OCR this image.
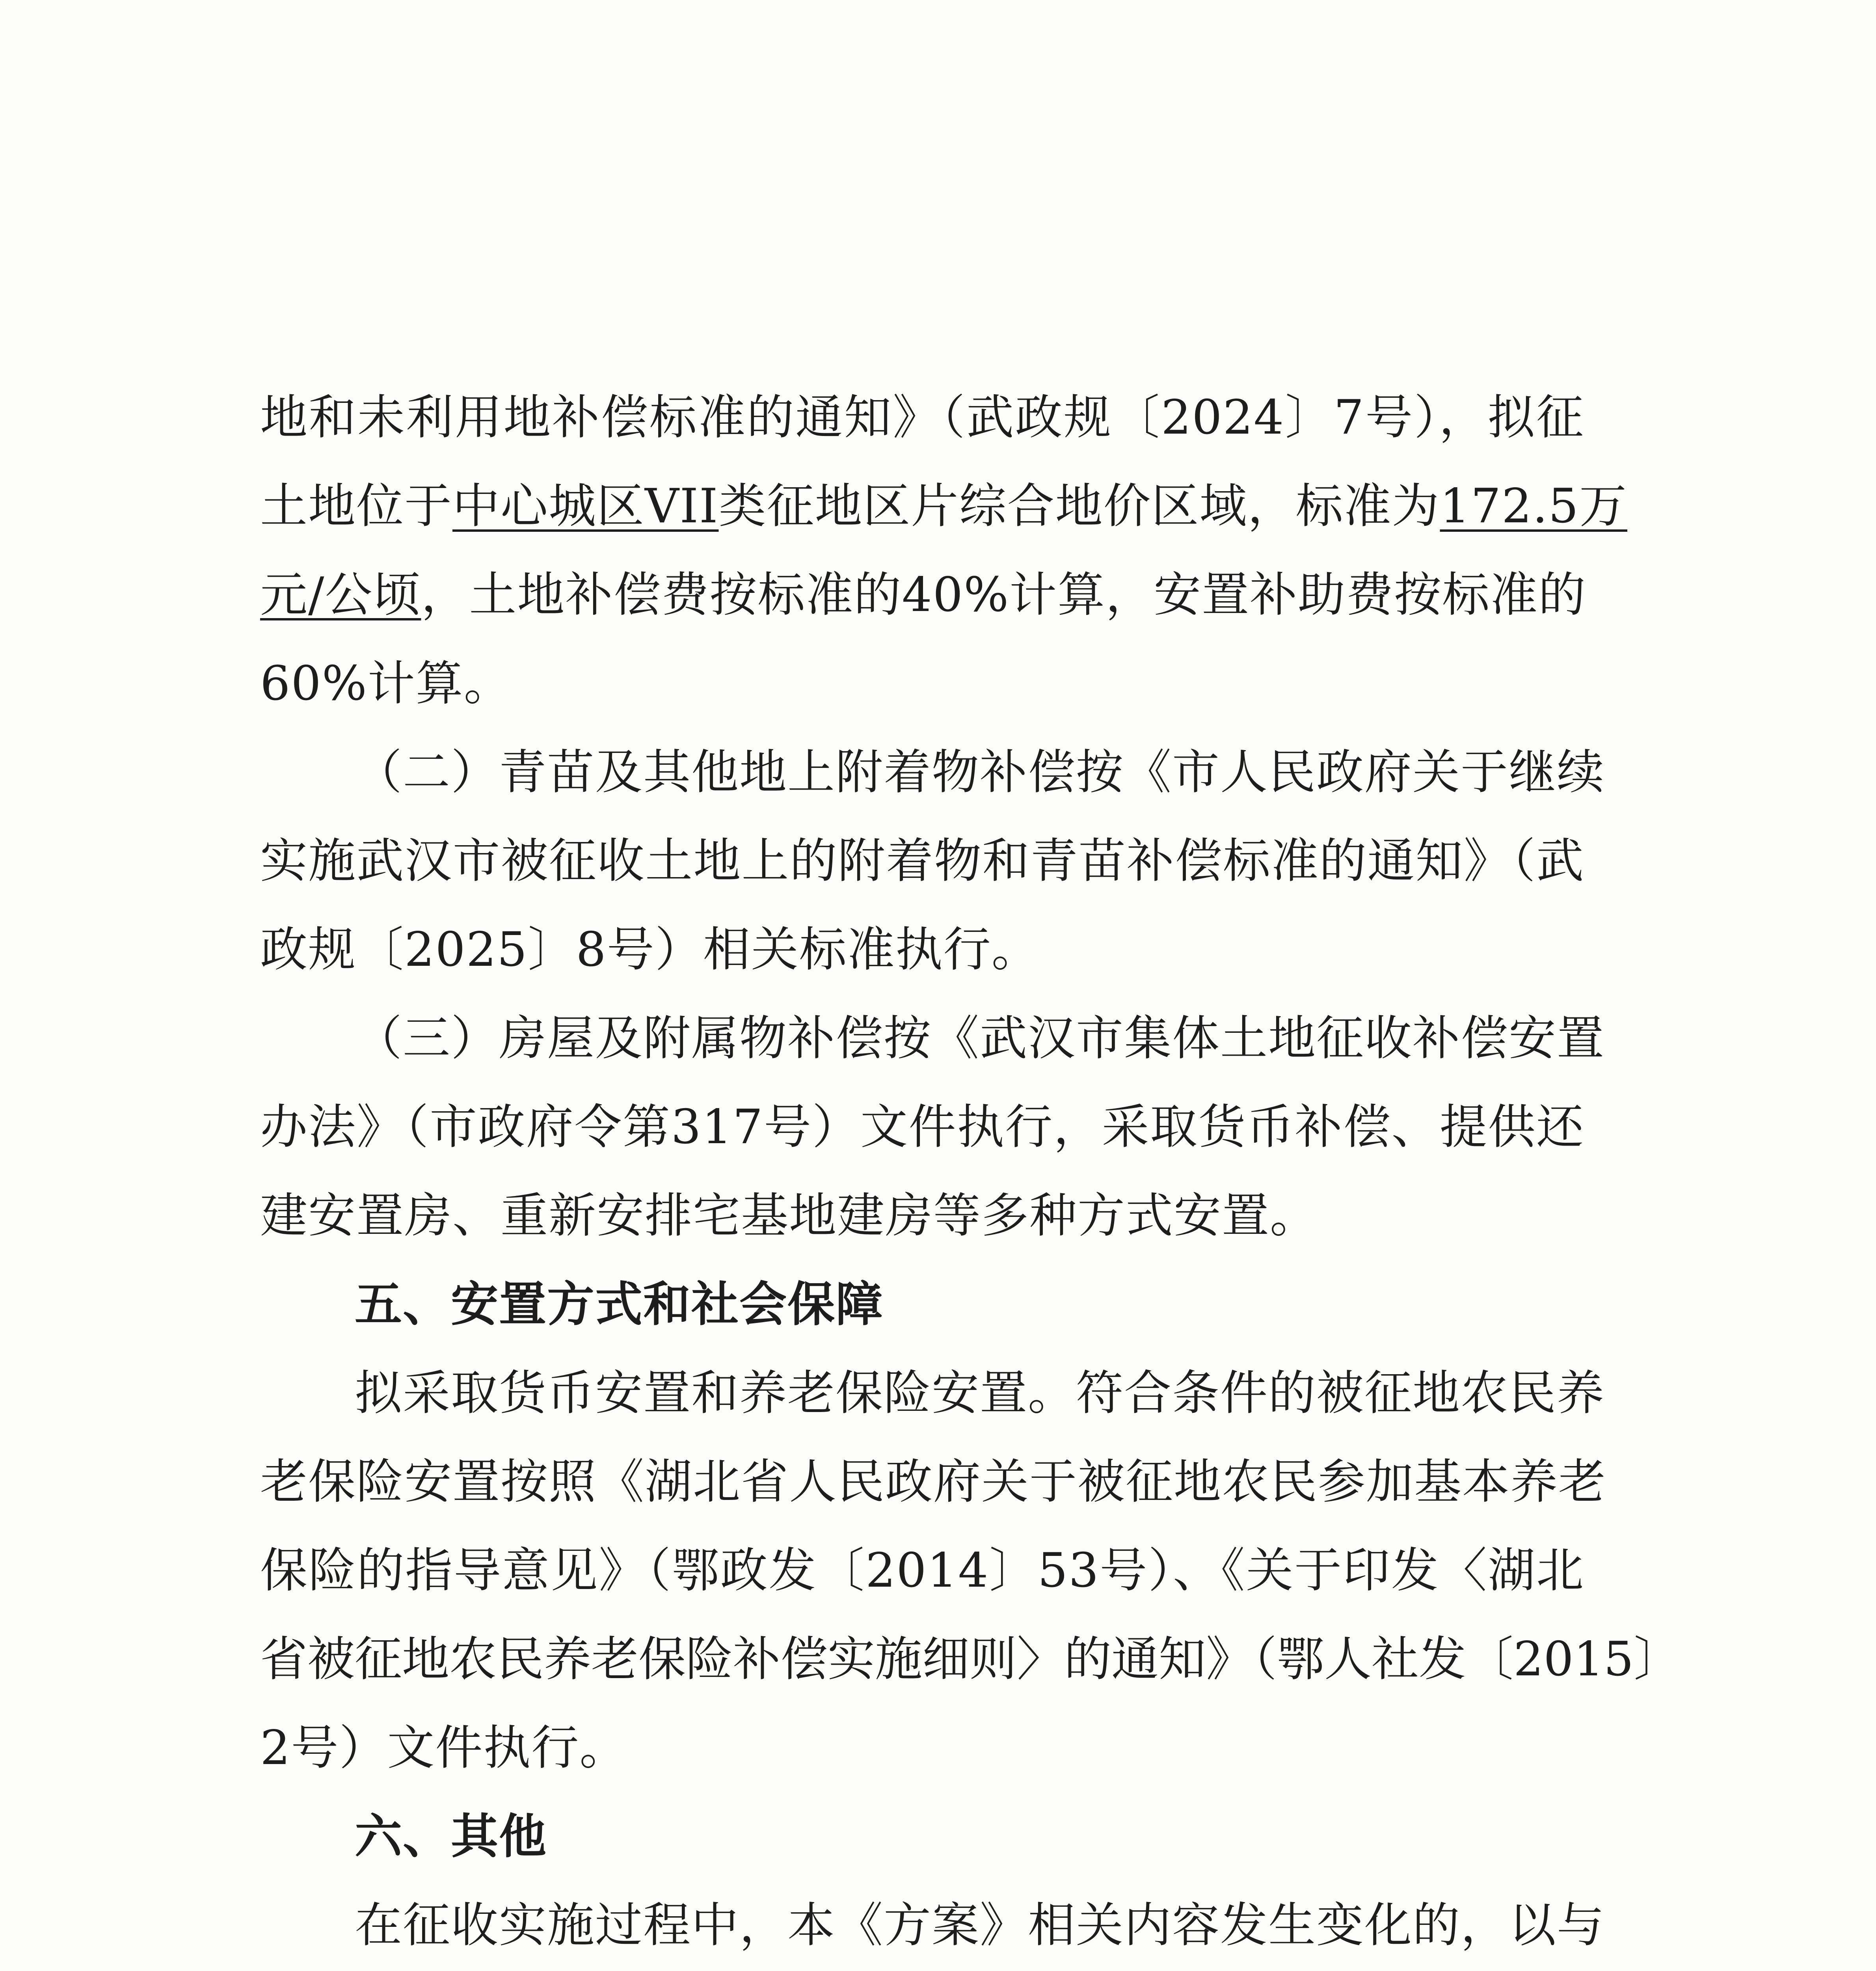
地和未利用地补偿标准的通知》（武政规〔2024〕7号），拟征
土地位于中心城区VII类征地区片综合地价区域，标准为172.5万
元/公顷，土地补偿费按标准的40%计算，安置补助费按标准的
60%计算。
（二）青苗及其他地上附着物补偿按《市人民政府关于继续
实施武汉市被征收土地上的附着物和青苗补偿标准的通知》（武
政规〔2025〕8号）相关标准执行。
（三）房屋及附属物补偿按《武汉市集体土地征收补偿安置
办法》（市政府令第317号）文件执行，采取货币补偿、提供还
建安置房、重新安排宅基地建房等多种方式安置。
五、安置方式和社会保障
拟采取货币安置和养老保险安置。符合条件的被征地农民养
老保险安置按照《湖北省人民政府关于被征地农民参加基本养老
保险的指导意见》（鄂政发〔2014〕53号）、《关于印发〈湖北
省被征地农民养老保险补偿实施细则〉的通知》（鄂人社发〔2015〕
2号）文件执行。
六、其他
在征收实施过程中，本《方案》相关内容发生变化的，以与
